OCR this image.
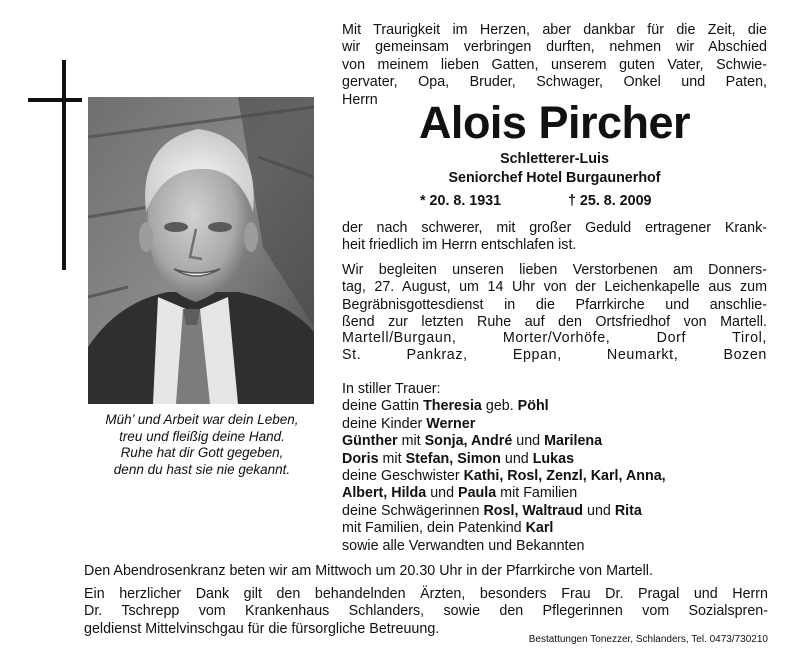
Müh’ und Arbeit war dein Leben,
treu und fleißig deine Hand.
Ruhe hat dir Gott gegeben,
denn du hast sie nie gekannt.

Mit Traurigkeit im Herzen, aber dankbar für die Zeit, die

wir gemeinsam verbringen durften, nehmen wir Abschied

von meinem lieben Gatten, unserem guten Vater, Schwie-

gervater, Opa, Bruder, Schwager, Onkel und Paten,

Herrn Alois Pircher
Schletterer-Luis
Seniorchef Hotel Burgaunerhof
* 20. 8. 1931	† 25. 8. 2009

der nach schwerer, mit großer Geduld ertragener Krank-

heit friedlich im Herrn entschlafen ist.

Wir begleiten unseren lieben Verstorbenen am Donners-

tag, 27. August, um 14 Uhr von der Leichenkapelle aus zum

Begräbnisgottesdienst in die Pfarrkirche und anschlie-

ßend zur letzten Ruhe auf den Ortsfriedhof von Martell.

Martell/Burgaun, Morter/Vorhöfe, Dorf Tirol,

St. Pankraz, Eppan, Neumarkt, Bozen

In stiller Trauer:

deine Gattin Theresia geb. Pöhl

deine Kinder Werner

Günther mit Sonja, André und Marilena

Doris mit Stefan, Simon und Lukas

deine Geschwister Kathi, Rosl, Zenzl, Karl, Anna,

Albert, Hilda und Paula mit Familien

deine Schwägerinnen Rosl, Waltraud und Rita

mit Familien, dein Patenkind Karl

sowie alle Verwandten und Bekannten

Den Abendrosenkranz beten wir am Mittwoch um 20.30 Uhr in der Pfarrkirche von Martell.

Ein herzlicher Dank gilt den behandelnden Ärzten, besonders Frau Dr. Pragal und Herrn

Dr. Tschrepp vom Krankenhaus Schlanders, sowie den Pflegerinnen vom Sozialspren-

geldienst Mittelvinschgau für die fürsorgliche Betreuung.

Bestattungen Tonezzer, Schlanders, Tel. 0473/730210
